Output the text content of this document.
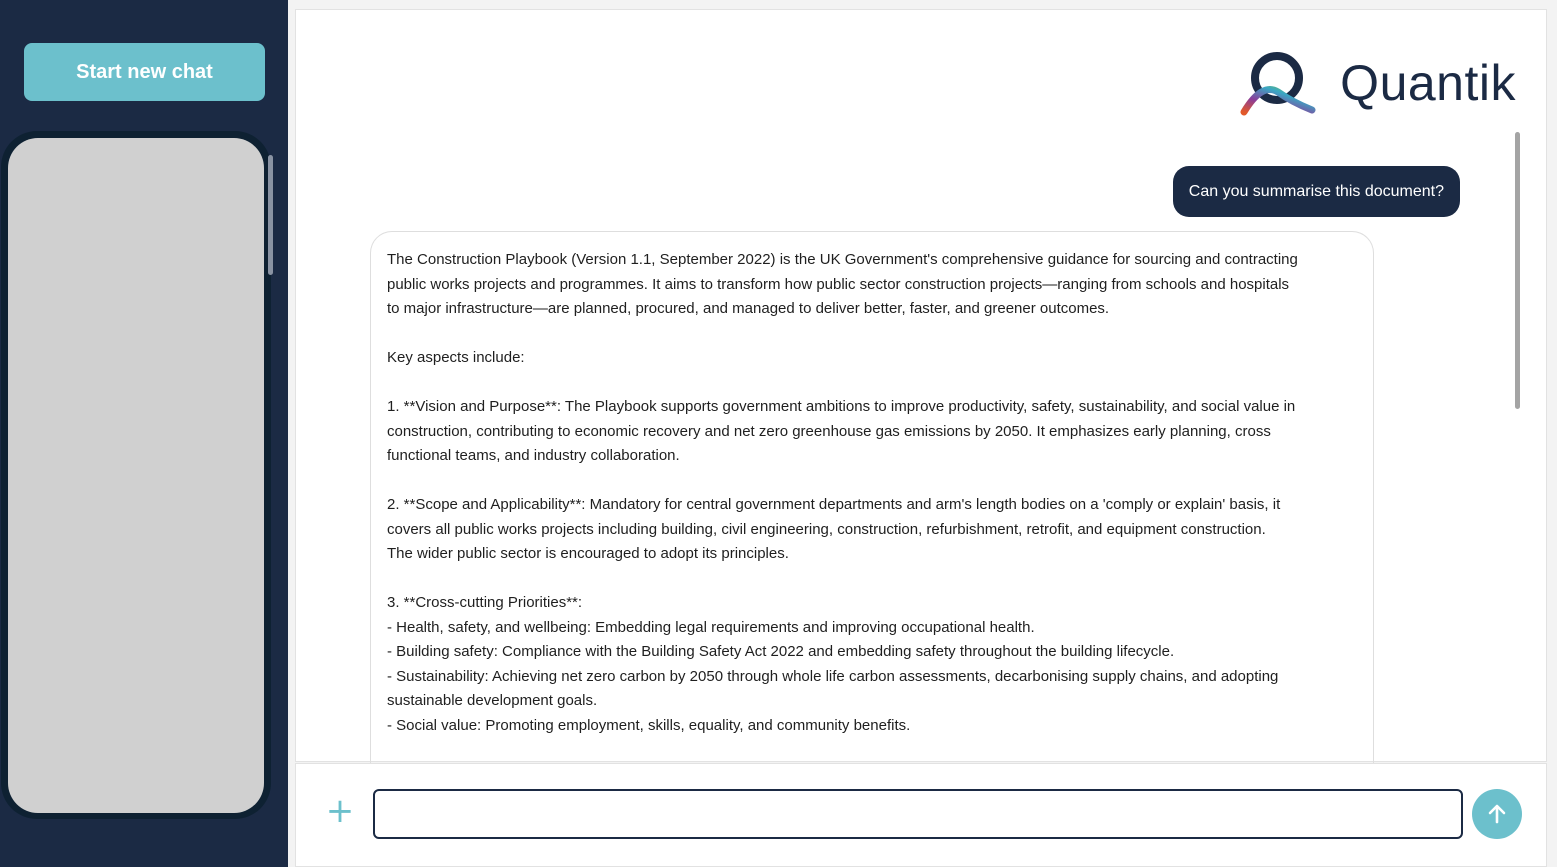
Start new chat	Quantik
Can you summarise this document?
The Construction Playbook (Version 1.1, September 2022) is the UK Government's comprehensive guidance for sourcing and contracting
public works projects and programmes. It aims to transform how public sector construction projects—ranging from schools and hospitals
to major infrastructure—are planned, procured, and managed to deliver better, faster, and greener outcomes.

Key aspects include:

1. **Vision and Purpose**: The Playbook supports government ambitions to improve productivity, safety, sustainability, and social value in
construction, contributing to economic recovery and net zero greenhouse gas emissions by 2050. It emphasizes early planning, cross
functional teams, and industry collaboration.

2. **Scope and Applicability**: Mandatory for central government departments and arm's length bodies on a 'comply or explain' basis, it
covers all public works projects including building, civil engineering, construction, refurbishment, retrofit, and equipment construction.
The wider public sector is encouraged to adopt its principles.

3. **Cross-cutting Priorities**:
- Health, safety, and wellbeing: Embedding legal requirements and improving occupational health.
- Building safety: Compliance with the Building Safety Act 2022 and embedding safety throughout the building lifecycle.
- Sustainability: Achieving net zero carbon by 2050 through whole life carbon assessments, decarbonising supply chains, and adopting
sustainable development goals.
- Social value: Promoting employment, skills, equality, and community benefits.
+
